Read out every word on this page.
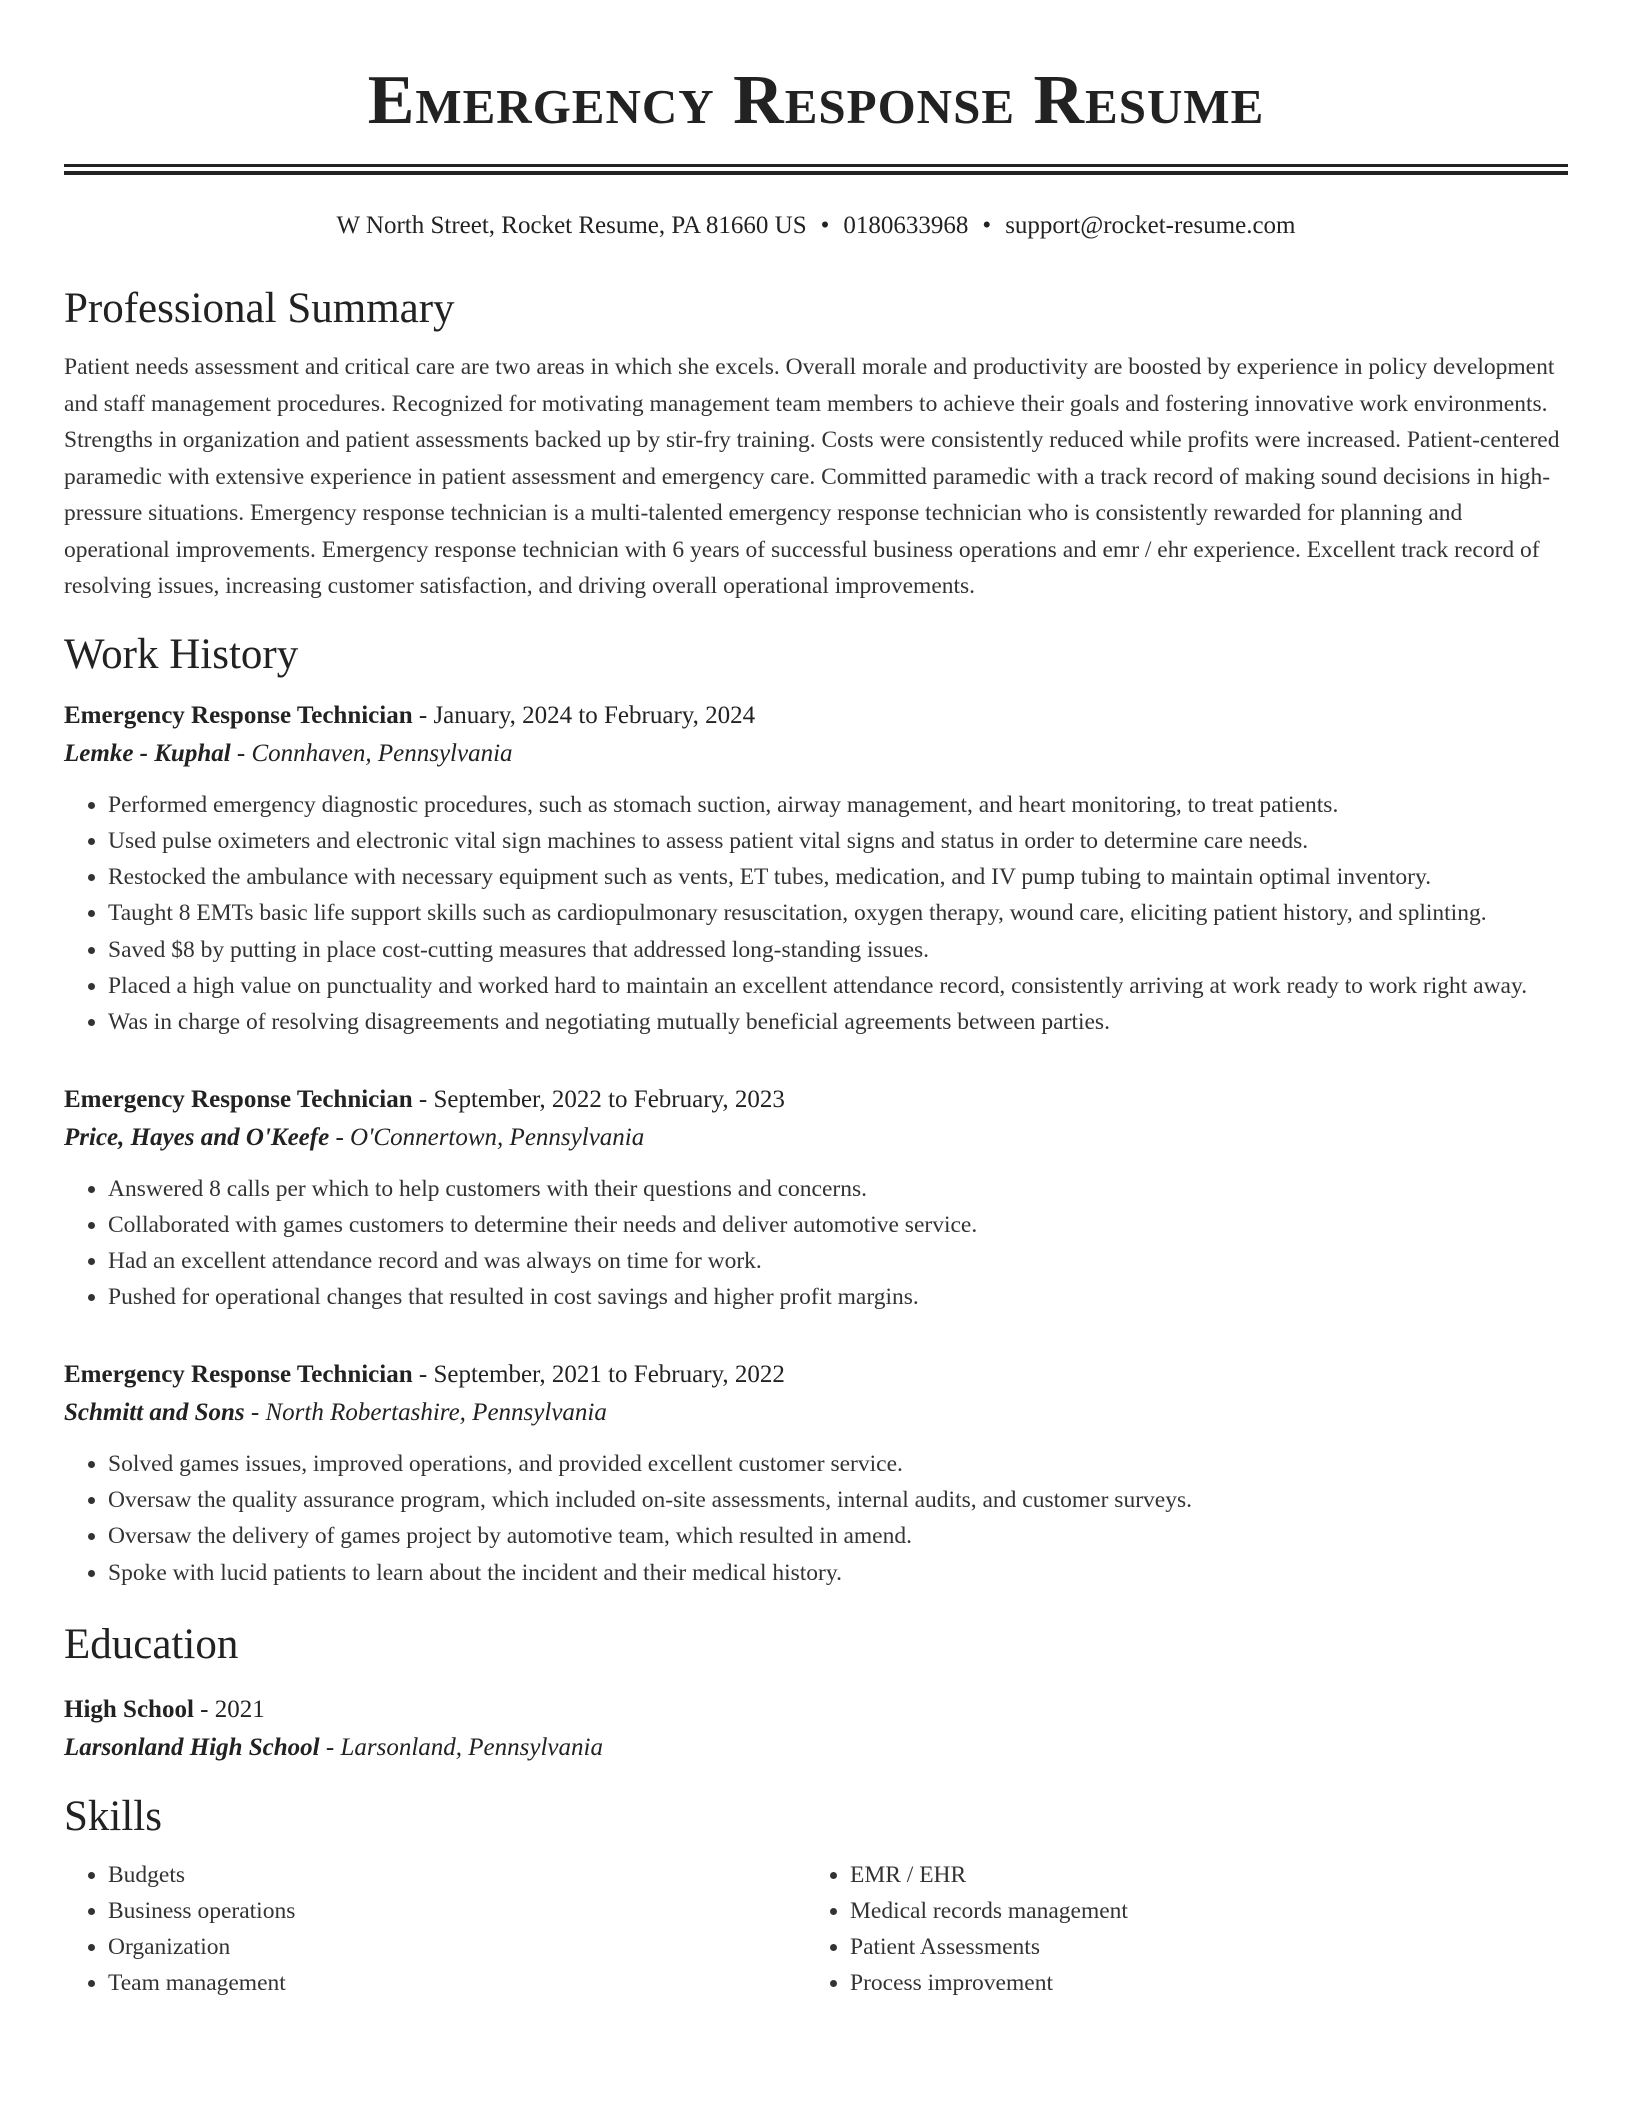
Emergency Response Resume
W North Street, Rocket Resume, PA 81660 US • 0180633968 • support@rocket-resume.com
Professional Summary
Patient needs assessment and critical care are two areas in which she excels. Overall morale and productivity are boosted by experience in policy development and staff management procedures. Recognized for motivating management team members to achieve their goals and fostering innovative work environments. Strengths in organization and patient assessments backed up by stir-fry training. Costs were consistently reduced while profits were increased. Patient-centered paramedic with extensive experience in patient assessment and emergency care. Committed paramedic with a track record of making sound decisions in high-pressure situations. Emergency response technician is a multi-talented emergency response technician who is consistently rewarded for planning and operational improvements. Emergency response technician with 6 years of successful business operations and emr / ehr experience. Excellent track record of resolving issues, increasing customer satisfaction, and driving overall operational improvements.
Work History
Emergency Response Technician - January, 2024 to February, 2024
Lemke - Kuphal - Connhaven, Pennsylvania
• Performed emergency diagnostic procedures, such as stomach suction, airway management, and heart monitoring, to treat patients.
• Used pulse oximeters and electronic vital sign machines to assess patient vital signs and status in order to determine care needs.
• Restocked the ambulance with necessary equipment such as vents, ET tubes, medication, and IV pump tubing to maintain optimal inventory.
• Taught 8 EMTs basic life support skills such as cardiopulmonary resuscitation, oxygen therapy, wound care, eliciting patient history, and splinting.
• Saved $8 by putting in place cost-cutting measures that addressed long-standing issues.
• Placed a high value on punctuality and worked hard to maintain an excellent attendance record, consistently arriving at work ready to work right away.
• Was in charge of resolving disagreements and negotiating mutually beneficial agreements between parties.
Emergency Response Technician - September, 2022 to February, 2023
Price, Hayes and O'Keefe - O'Connertown, Pennsylvania
• Answered 8 calls per which to help customers with their questions and concerns.
• Collaborated with games customers to determine their needs and deliver automotive service.
• Had an excellent attendance record and was always on time for work.
• Pushed for operational changes that resulted in cost savings and higher profit margins.
Emergency Response Technician - September, 2021 to February, 2022
Schmitt and Sons - North Robertashire, Pennsylvania
• Solved games issues, improved operations, and provided excellent customer service.
• Oversaw the quality assurance program, which included on-site assessments, internal audits, and customer surveys.
• Oversaw the delivery of games project by automotive team, which resulted in amend.
• Spoke with lucid patients to learn about the incident and their medical history.
Education
High School - 2021
Larsonland High School - Larsonland, Pennsylvania
Skills
• Budgets
• Business operations
• Organization
• Team management
• EMR / EHR
• Medical records management
• Patient Assessments
• Process improvement
